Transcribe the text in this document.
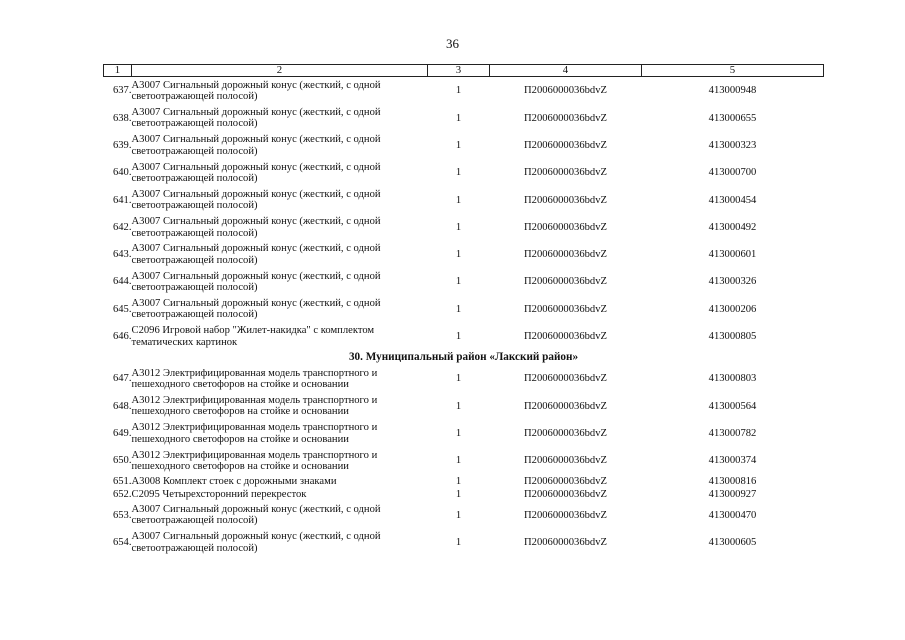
36
1	2	3	4	5
637.	А3007 Сигнальный дорожный конус (жесткий, с одной
светоотражающей полосой)	1	П2006000036bdvZ	413000948
638.	А3007 Сигнальный дорожный конус (жесткий, с одной
светоотражающей полосой)	1	П2006000036bdvZ	413000655
639.	А3007 Сигнальный дорожный конус (жесткий, с одной
светоотражающей полосой)	1	П2006000036bdvZ	413000323
640.	А3007 Сигнальный дорожный конус (жесткий, с одной
светоотражающей полосой)	1	П2006000036bdvZ	413000700
641.	А3007 Сигнальный дорожный конус (жесткий, с одной
светоотражающей полосой)	1	П2006000036bdvZ	413000454
642.	А3007 Сигнальный дорожный конус (жесткий, с одной
светоотражающей полосой)	1	П2006000036bdvZ	413000492
643.	А3007 Сигнальный дорожный конус (жесткий, с одной
светоотражающей полосой)	1	П2006000036bdvZ	413000601
644.	А3007 Сигнальный дорожный конус (жесткий, с одной
светоотражающей полосой)	1	П2006000036bdvZ	413000326
645.	А3007 Сигнальный дорожный конус (жесткий, с одной
светоотражающей полосой)	1	П2006000036bdvZ	413000206
646.	С2096 Игровой набор "Жилет-накидка" с комплектом
тематических картинок	1	П2006000036bdvZ	413000805
30. Муниципальный район «Лакский район»				
647.	А3012 Электрифицированная модель транспортного и
пешеходного светофоров на стойке и основании	1	П2006000036bdvZ	413000803
648.	А3012 Электрифицированная модель транспортного и
пешеходного светофоров на стойке и основании	1	П2006000036bdvZ	413000564
649.	А3012 Электрифицированная модель транспортного и
пешеходного светофоров на стойке и основании	1	П2006000036bdvZ	413000782
650.	А3012 Электрифицированная модель транспортного и
пешеходного светофоров на стойке и основании	1	П2006000036bdvZ	413000374
651.	А3008 Комплект стоек с дорожными знаками	1	П2006000036bdvZ	413000816
652.	С2095 Четырехсторонний перекресток	1	П2006000036bdvZ	413000927
653.	А3007 Сигнальный дорожный конус (жесткий, с одной
светоотражающей полосой)	1	П2006000036bdvZ	413000470
654.	А3007 Сигнальный дорожный конус (жесткий, с одной
светоотражающей полосой)	1	П2006000036bdvZ	413000605
